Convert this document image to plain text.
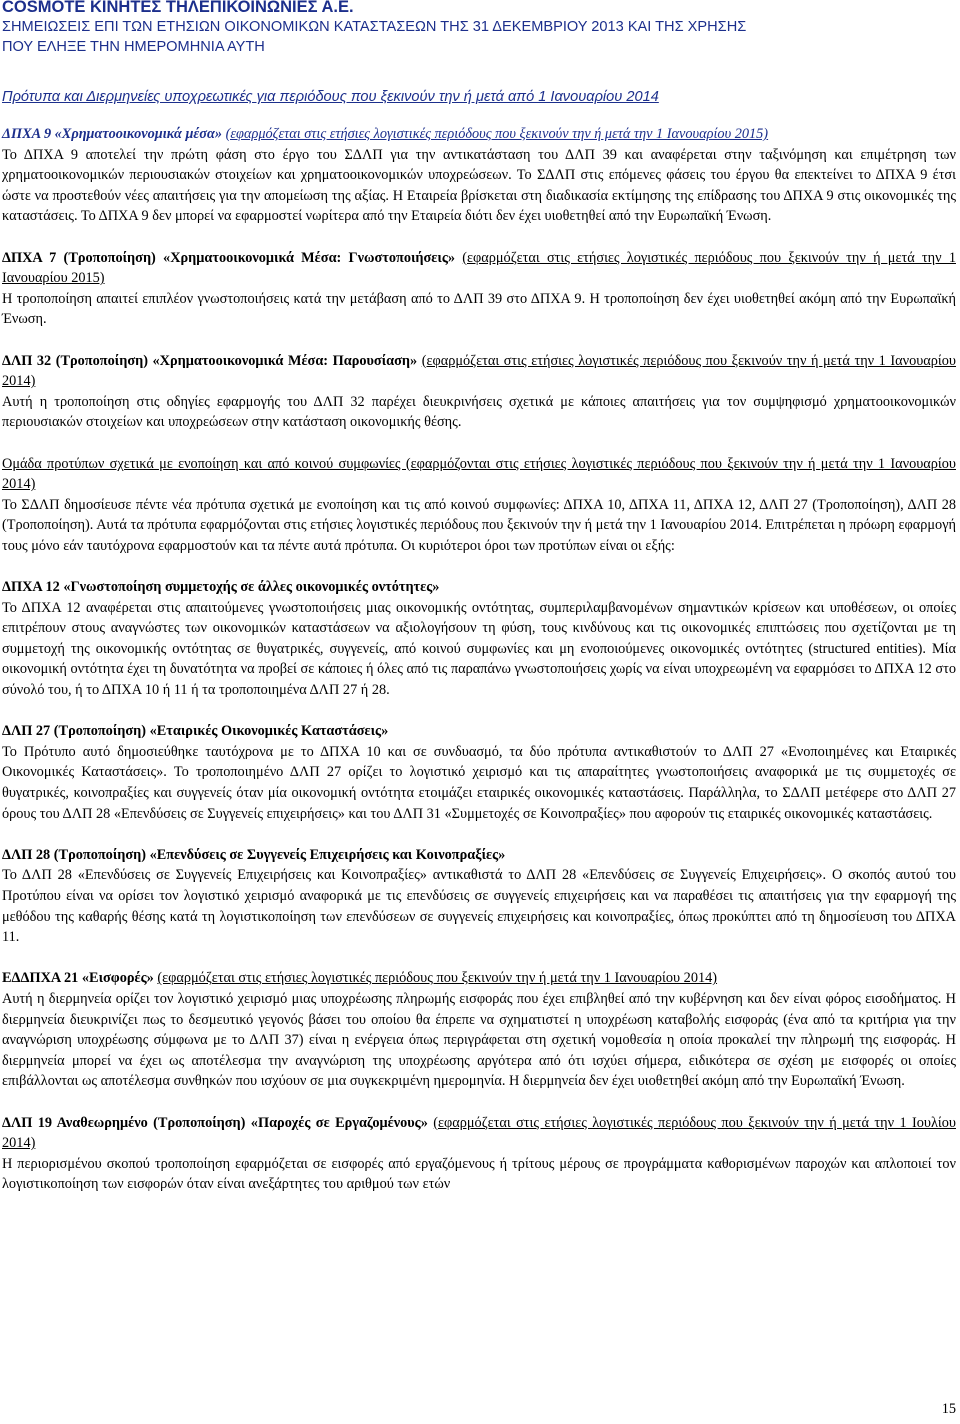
COSMOTE ΚΙΝΗΤΕΣ ΤΗΛΕΠΙΚΟΙΝΩΝΙΕΣ Α.Ε.
ΣΗΜΕΙΩΣΕΙΣ ΕΠΙ ΤΩΝ ΕΤΗΣΙΩΝ ΟΙΚΟΝΟΜΙΚΩΝ ΚΑΤΑΣΤΑΣΕΩΝ ΤΗΣ 31 ΔΕΚΕΜΒΡΙΟΥ 2013 ΚΑΙ ΤΗΣ ΧΡΗΣΗΣ
ΠΟΥ ΕΛΗΞΕ ΤΗΝ ΗΜΕΡΟΜΗΝΙΑ ΑΥΤΗ
Πρότυπα και Διερμηνείες υποχρεωτικές για περιόδους που ξεκινούν την ή μετά από 1 Ιανουαρίου 2014

ΔΠΧΑ 9 «Χρηματοοικονομικά μέσα» (εφαρμόζεται στις ετήσιες λογιστικές περιόδους που ξεκινούν την ή μετά την 1 Ιανουαρίου 2015)

Το ΔΠΧΑ 9 αποτελεί την πρώτη φάση στο έργο του ΣΔΛΠ για την αντικατάσταση του ΔΛΠ 39 και αναφέρεται στην ταξινόμηση και επιμέτρηση των χρηματοοικονομικών περιουσιακών στοιχείων και χρηματοοικονομικών υποχρεώσεων. Το ΣΔΛΠ στις επόμενες φάσεις του έργου θα επεκτείνει το ΔΠΧΑ 9 έτσι ώστε να προστεθούν νέες απαιτήσεις για την απομείωση της αξίας. Η Εταιρεία βρίσκεται στη διαδικασία εκτίμησης της επίδρασης του ΔΠΧΑ 9 στις οικονομικές της καταστάσεις. Το ΔΠΧΑ 9 δεν μπορεί να εφαρμοστεί νωρίτερα από την Εταιρεία διότι δεν έχει υιοθετηθεί από την Ευρωπαϊκή Ένωση.

ΔΠΧΑ 7 (Τροποποίηση) «Χρηματοοικονομικά Μέσα: Γνωστοποιήσεις» (εφαρμόζεται στις ετήσιες λογιστικές περιόδους που ξεκινούν την ή μετά την 1 Ιανουαρίου 2015)

Η τροποποίηση απαιτεί επιπλέον γνωστοποιήσεις κατά την μετάβαση από το ΔΛΠ 39 στο ΔΠΧΑ 9. Η τροποποίηση δεν έχει υιοθετηθεί ακόμη από την Ευρωπαϊκή Ένωση.

ΔΛΠ 32 (Τροποποίηση) «Χρηματοοικονομικά Μέσα: Παρουσίαση» (εφαρμόζεται στις ετήσιες λογιστικές περιόδους που ξεκινούν την ή μετά την 1 Ιανουαρίου 2014)

Αυτή η τροποποίηση στις οδηγίες εφαρμογής του ΔΛΠ 32 παρέχει διευκρινήσεις σχετικά με κάποιες απαιτήσεις για τον συμψηφισμό χρηματοοικονομικών περιουσιακών στοιχείων και υποχρεώσεων στην κατάσταση οικονομικής θέσης.

Ομάδα προτύπων σχετικά με ενοποίηση και από κοινού συμφωνίες (εφαρμόζονται στις ετήσιες λογιστικές περιόδους που ξεκινούν την ή μετά την 1 Ιανουαρίου 2014)

Το ΣΔΛΠ δημοσίευσε πέντε νέα πρότυπα σχετικά με ενοποίηση και τις από κοινού συμφωνίες: ΔΠΧΑ 10, ΔΠΧΑ 11, ΔΠΧΑ 12, ΔΛΠ 27 (Τροποποίηση), ΔΛΠ 28 (Τροποποίηση). Αυτά τα πρότυπα εφαρμόζονται στις ετήσιες λογιστικές περιόδους που ξεκινούν την ή μετά την 1 Ιανουαρίου 2014. Επιτρέπεται η πρόωρη εφαρμογή τους μόνο εάν ταυτόχρονα εφαρμοστούν και τα πέντε αυτά πρότυπα. Οι κυριότεροι όροι των προτύπων είναι οι εξής:

ΔΠΧΑ 12 «Γνωστοποίηση συμμετοχής σε άλλες οικονομικές οντότητες»

Το ΔΠΧΑ 12 αναφέρεται στις απαιτούμενες γνωστοποιήσεις μιας οικονομικής οντότητας, συμπεριλαμβανομένων σημαντικών κρίσεων και υποθέσεων, οι οποίες επιτρέπουν στους αναγνώστες των οικονομικών καταστάσεων να αξιολογήσουν τη φύση, τους κινδύνους και τις οικονομικές επιπτώσεις που σχετίζονται με τη συμμετοχή της οικονομικής οντότητας σε θυγατρικές, συγγενείς, από κοινού συμφωνίες και μη ενοποιούμενες οικονομικές οντότητες (structured entities). Μία οικονομική οντότητα έχει τη δυνατότητα να προβεί σε κάποιες ή όλες από τις παραπάνω γνωστοποιήσεις χωρίς να είναι υποχρεωμένη να εφαρμόσει το ΔΠΧΑ 12 στο σύνολό του, ή το ΔΠΧΑ 10 ή 11 ή τα τροποποιημένα ΔΛΠ 27 ή 28.

ΔΛΠ 27 (Τροποποίηση) «Εταιρικές Οικονομικές Καταστάσεις»

Το Πρότυπο αυτό δημοσιεύθηκε ταυτόχρονα με το ΔΠΧΑ 10 και σε συνδυασμό, τα δύο πρότυπα αντικαθιστούν το ΔΛΠ 27 «Ενοποιημένες και Εταιρικές Οικονομικές Καταστάσεις». Το τροποποιημένο ΔΛΠ 27 ορίζει το λογιστικό χειρισμό και τις απαραίτητες γνωστοποιήσεις αναφορικά με τις συμμετοχές σε θυγατρικές, κοινοπραξίες και συγγενείς όταν μία οικονομική οντότητα ετοιμάζει εταιρικές οικονομικές καταστάσεις. Παράλληλα, το ΣΔΛΠ μετέφερε στο ΔΛΠ 27 όρους του ΔΛΠ 28 «Επενδύσεις σε Συγγενείς επιχειρήσεις» και του ΔΛΠ 31 «Συμμετοχές σε Κοινοπραξίες» που αφορούν τις εταιρικές οικονομικές καταστάσεις.

ΔΛΠ 28 (Τροποποίηση) «Επενδύσεις σε Συγγενείς Επιχειρήσεις και Κοινοπραξίες»

Το ΔΛΠ 28 «Επενδύσεις σε Συγγενείς Επιχειρήσεις και Κοινοπραξίες» αντικαθιστά το ΔΛΠ 28 «Επενδύσεις σε Συγγενείς Επιχειρήσεις». Ο σκοπός αυτού του Προτύπου είναι να ορίσει τον λογιστικό χειρισμό αναφορικά με τις επενδύσεις σε συγγενείς επιχειρήσεις και να παραθέσει τις απαιτήσεις για την εφαρμογή της μεθόδου της καθαρής θέσης κατά τη λογιστικοποίηση των επενδύσεων σε συγγενείς επιχειρήσεις και κοινοπραξίες, όπως προκύπτει από τη δημοσίευση του ΔΠΧΑ 11.

ΕΔΔΠΧΑ 21 «Εισφορές» (εφαρμόζεται στις ετήσιες λογιστικές περιόδους που ξεκινούν την ή μετά την 1 Ιανουαρίου 2014)

Αυτή η διερμηνεία ορίζει τον λογιστικό χειρισμό μιας υποχρέωσης πληρωμής εισφοράς που έχει επιβληθεί από την κυβέρνηση και δεν είναι φόρος εισοδήματος. Η διερμηνεία διευκρινίζει πως το δεσμευτικό γεγονός βάσει του οποίου θα έπρεπε να σχηματιστεί η υποχρέωση καταβολής εισφοράς (ένα από τα κριτήρια για την αναγνώριση υποχρέωσης σύμφωνα με το ΔΛΠ 37) είναι η ενέργεια όπως περιγράφεται στη σχετική νομοθεσία η οποία προκαλεί την πληρωμή της εισφοράς. Η διερμηνεία μπορεί να έχει ως αποτέλεσμα την αναγνώριση της υποχρέωσης αργότερα από ότι ισχύει σήμερα, ειδικότερα σε σχέση με εισφορές οι οποίες επιβάλλονται ως αποτέλεσμα συνθηκών που ισχύουν σε μια συγκεκριμένη ημερομηνία. Η διερμηνεία δεν έχει υιοθετηθεί ακόμη από την Ευρωπαϊκή Ένωση.

ΔΛΠ 19 Αναθεωρημένο (Τροποποίηση) «Παροχές σε Εργαζομένους» (εφαρμόζεται στις ετήσιες λογιστικές περιόδους που ξεκινούν την ή μετά την 1 Ιουλίου 2014)

Η περιορισμένου σκοπού τροποποίηση εφαρμόζεται σε εισφορές από εργαζόμενους ή τρίτους μέρους σε προγράμματα καθορισμένων παροχών και απλοποιεί τον λογιστικοποίηση των εισφορών όταν είναι ανεξάρτητες του αριθμού των ετών

15
